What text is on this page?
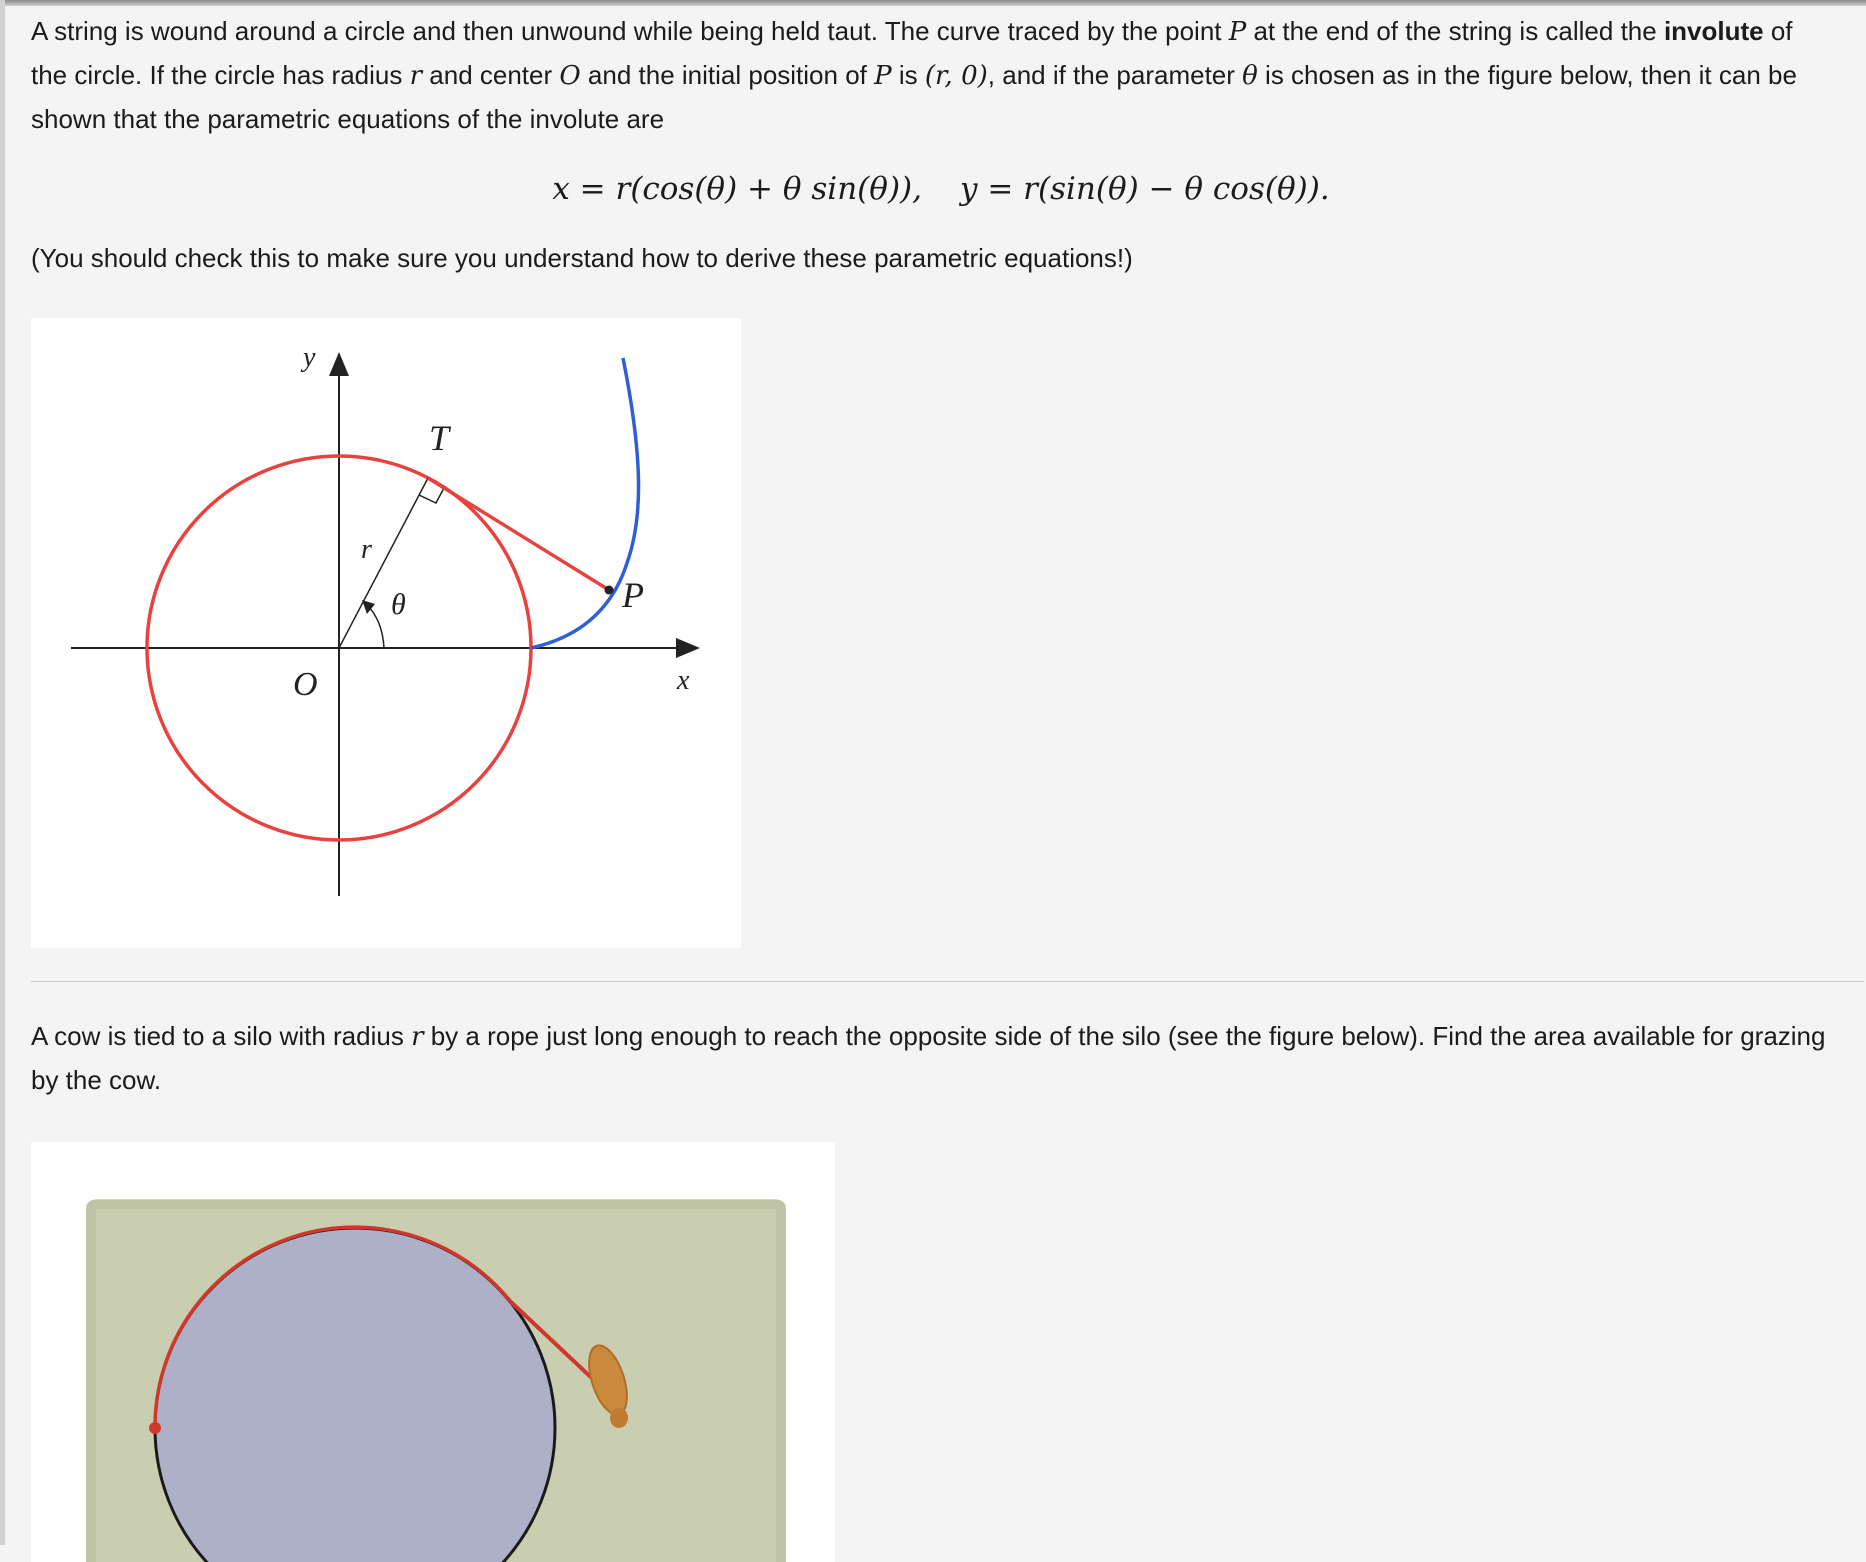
A string is wound around a circle and then unwound while being held taut. The curve traced by the point P at the end of the string is called the involute of the circle. If the circle has radius r and center O and the initial position of P is (r, 0), and if the parameter θ is chosen as in the figure below, then it can be shown that the parametric equations of the involute are

x = r(cos(θ) + θ sin(θ)), y = r(sin(θ) − θ cos(θ)).

(You should check this to make sure you understand how to derive these parametric equations!)

y
x
O
T
r
θ	P

A cow is tied to a silo with radius r by a rope just long enough to reach the opposite side of the silo (see the figure below). Find the area available for grazing by the cow.
